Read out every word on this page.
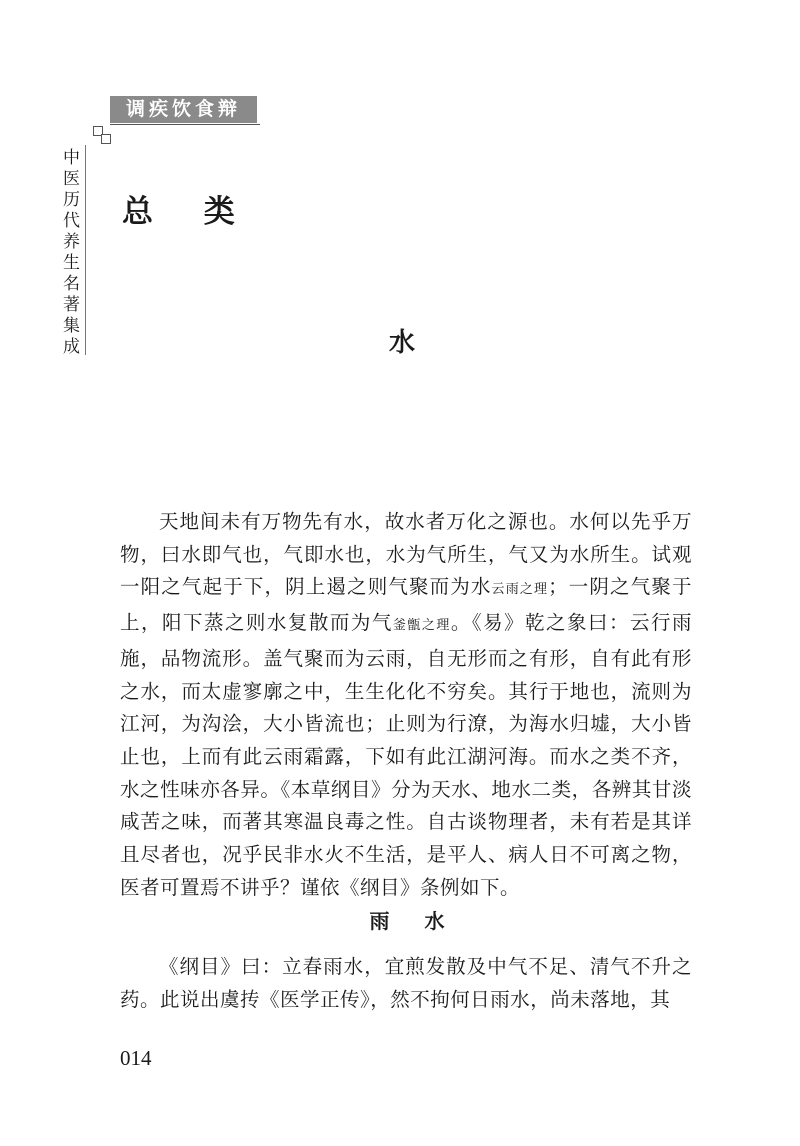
调疾饮食辩
中医历代养生名著集成 总 类
水

天地间未有万物先有水，故水者万化之源也。水何以先乎万物，曰水即气也，气即水也，水为气所生，气又为水所生。试观一阳之气起于下，阴上遏之则气聚而为水云雨之理；一阴之气聚于上，阳下蒸之则水复散而为气釜甑之理。《易》乾之象曰：云行雨施，品物流形。盖气聚而为云雨，自无形而之有形，自有此有形之水，而太虚寥廓之中，生生化化不穷矣。其行于地也，流则为江河，为沟浍，大小皆流也；止则为行潦，为海水归墟，大小皆止也，上而有此云雨霜露，下如有此江湖河海。而水之类不齐，水之性味亦各异。《本草纲目》分为天水、地水二类，各辨其甘淡咸苦之味，而著其寒温良毒之性。自古谈物理者，未有若是其详且尽者也，况乎民非水火不生活，是平人、病人日不可离之物，医者可置焉不讲乎？谨依《纲目》条例如下。

雨 水

《纲目》曰：立春雨水，宜煎发散及中气不足、清气不升之药。此说出虞抟《医学正传》，然不拘何日雨水，尚未落地，其

014
